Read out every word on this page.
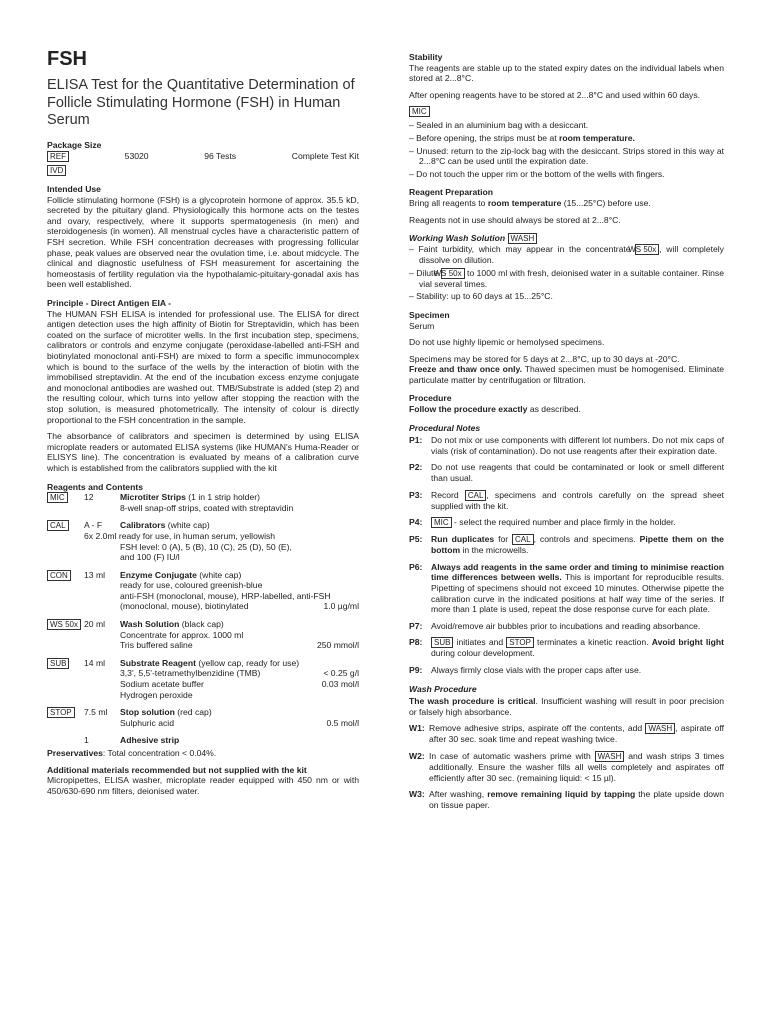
FSH
ELISA Test for the Quantitative Determination of Follicle Stimulating Hormone (FSH) in Human Serum
Package Size
REF	53020	96 Tests	Complete Test Kit
IVD
Intended Use

Follicle stimulating hormone (FSH) is a glycoprotein hormone of approx. 35.5 kD, secreted by the pituitary gland. Physiologically this hormone acts on the testes and ovary, respectively, where it supports spermatogenesis (in men) and steroidogenesis (in women). All menstrual cycles have a characteristic pattern of FSH secretion. While FSH concentration decreases with progressing follicular phase, peak values are observed near the ovulation time, i.e. about midcycle. The clinical and diagnostic usefulness of FSH measurement for ascertaining the homeostasis of fertility regulation via the hypothalamic-pituitary-gonadal axis has been well established.

Principle - Direct Antigen EIA -

The HUMAN FSH ELISA is intended for professional use. The ELISA for direct antigen detection uses the high affinity of Biotin for Streptavidin, which has been coated on the surface of microtiter wells. In the first incubation step, specimens, calibrators or controls and enzyme conjugate (peroxidase-labelled anti-FSH and biotinylated monoclonal anti-FSH) are mixed to form a specific immunocomplex which is bound to the surface of the wells by the interaction of biotin with the immobilised streptavidin. At the end of the incubation excess enzyme conjugate and monoclonal antibodies are washed out. TMB/Substrate is added (step 2) and the resulting colour, which turns into yellow after stopping the reaction with the stop solution, is measured photometrically. The intensity of colour is directly proportional to the FSH concentration in the sample.

The absorbance of calibrators and specimen is determined by using ELISA microplate readers or automated ELISA systems (like HUMAN's Huma-Reader or ELISYS line). The concentration is evaluated by means of a calibration curve which is established from the calibrators supplied with the kit

Reagents and Contents
MIC	12	Microtiter Strips (1 in 1 strip holder)
8-well snap-off strips, coated with streptavidin
CAL	A - F	Calibrators (white cap)
6x 2.0ml ready for use, in human serum, yellowish
FSH level: 0 (A), 5 (B), 10 (C), 25 (D), 50 (E),
and 100 (F) IU/l
CON	13 ml	Enzyme Conjugate (white cap)
ready for use, coloured greenish-blue
anti-FSH (monoclonal, mouse), HRP-labelled, anti-FSH
(monoclonal, mouse), biotinylated	1.0 µg/ml
WS 50x 20 ml	Wash Solution (black cap)
Concentrate for approx. 1000 ml
Tris buffered saline	250 mmol/l
SUB	14 ml	Substrate Reagent (yellow cap, ready for use)
3,3', 5,5'-tetramethylbenzidine (TMB)	< 0.25 g/l
Sodium acetate buffer	0.03 mol/l
Hydrogen peroxide
STOP	7.5 ml	Stop solution (red cap)
Sulphuric acid	0.5 mol/l
1	Adhesive strip
Preservatives: Total concentration < 0.04%.
Additional materials recommended but not supplied with the kit

Micropipettes, ELISA washer, microplate reader equipped with 450 nm or with 450/630-690 nm filters, deionised water.

Stability

The reagents are stable up to the stated expiry dates on the individual labels when stored at 2...8°C.

After opening reagents have to be stored at 2...8°C and used within 60 days.

MIC
– Sealed in an aluminium bag with a desiccant.
– Before opening, the strips must be at room temperature.
– Unused: return to the zip-lock bag with the desiccant. Strips stored in this way at 2...8°C can be used until the expiration date.
– Do not touch the upper rim or the bottom of the wells with fingers.
Reagent Preparation

Bring all reagents to room temperature (15...25°C) before use.

Reagents not in use should always be stored at 2...8°C.

Working Wash Solution WASH
– Faint turbidity, which may appear in the concentrate WS 50x , will completely dissolve on dilution.
– Dilute WS 50x to 1000 ml with fresh, deionised water in a suitable container. Rinse vial several times.
– Stability: up to 60 days at 15...25°C.
Specimen

Serum

Do not use highly lipemic or hemolysed specimens.

Specimens may be stored for 5 days at 2...8°C, up to 30 days at -20°C.

Freeze and thaw once only. Thawed specimen must be homogenised. Eliminate particulate matter by centrifugation or filtration.

Procedure

Follow the procedure exactly as described.

Procedural Notes
P1:	Do not mix or use components with different lot numbers. Do not mix caps of vials (risk of contamination). Do not use reagents after their expiration date.
P2:	Do not use reagents that could be contaminated or look or smell different than usual.
P3:	Record CAL , specimens and controls carefully on the spread sheet supplied with the kit.
P4:	MIC - select the required number and place firmly in the holder.
P5:	Run duplicates for CAL , controls and specimens. Pipette them on the bottom in the microwells.
P6:	Always add reagents in the same order and timing to minimise reaction time differences between wells. This is important for reproducible results. Pipetting of specimens should not exceed 10 minutes. Otherwise pipette the calibration curve in the indicated positions at half way time of the series. If more than 1 plate is used, repeat the dose response curve for each plate.
P7:	Avoid/remove air bubbles prior to incubations and reading absorbance.
P8:	SUB initiates and STOP terminates a kinetic reaction. Avoid bright light during colour development.
P9:	Always firmly close vials with the proper caps after use.
Wash Procedure

The wash procedure is critical. Insufficient washing will result in poor precision or falsely high absorbance.

W1: Remove adhesive strips, aspirate off the contents, add WASH , aspirate off after 30 sec. soak time and repeat washing twice.
W2: In case of automatic washers prime with WASH and wash strips 3 times additionally. Ensure the washer fills all wells completely and aspirates off efficiently after 30 sec. (remaining liquid: < 15 µl).
W3: After washing, remove remaining liquid by tapping the plate upside down on tissue paper.
